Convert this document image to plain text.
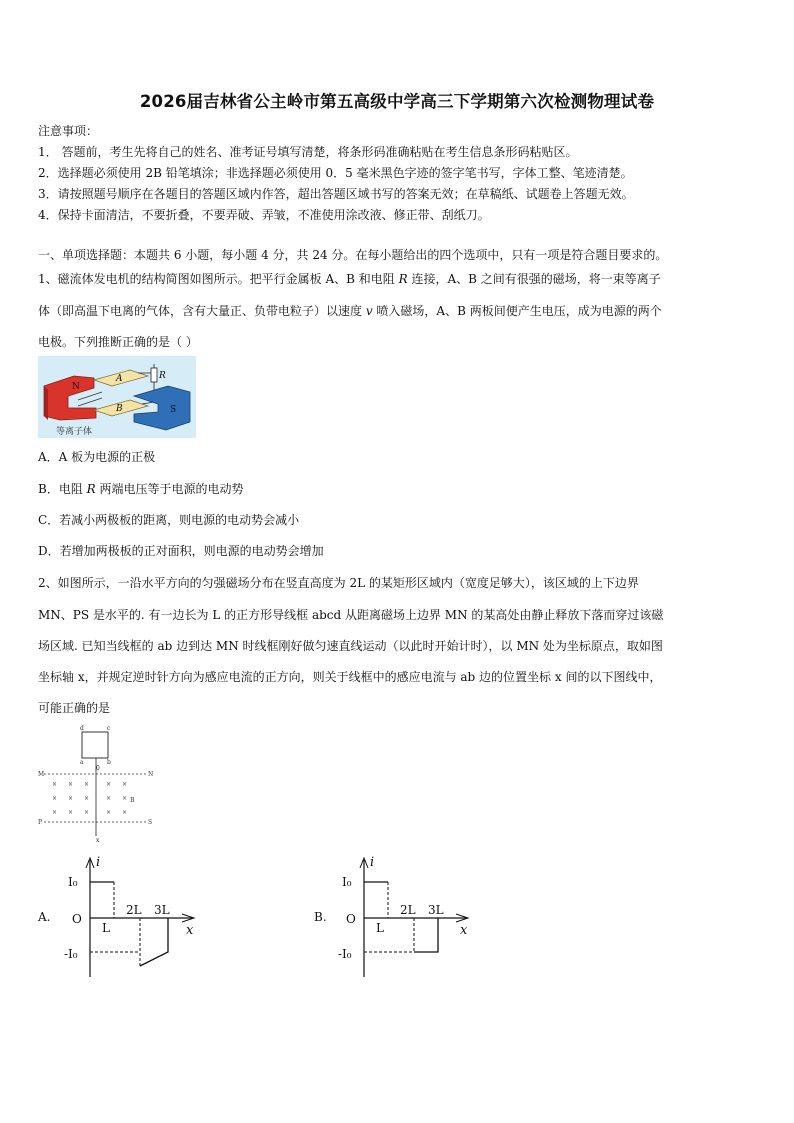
2026届吉林省公主岭市第五高级中学高三下学期第六次检测物理试卷
注意事项：
1． 答题前，考生先将自己的姓名、准考证号填写清楚，将条形码准确粘贴在考生信息条形码粘贴区。
2．选择题必须使用 2B 铅笔填涂；非选择题必须使用 0．5 毫米黑色字迹的签字笔书写，字体工整、笔迹清楚。
3．请按照题号顺序在各题目的答题区域内作答，超出答题区域书写的答案无效；在草稿纸、试题卷上答题无效。
4．保持卡面清洁，不要折叠，不要弄破、弄皱，不准使用涂改液、修正带、刮纸刀。
一、单项选择题：本题共 6 小题，每小题 4 分，共 24 分。在每小题给出的四个选项中，只有一项是符合题目要求的。
1、磁流体发电机的结构简图如图所示。把平行金属板 A、B 和电阻 R 连接，A、B 之间有很强的磁场，将一束等离子
体（即高温下电离的气体，含有大量正、负带电粒子）以速度 v 喷入磁场，A、B 两板间便产生电压，成为电源的两个
电极。下列推断正确的是（ ）
N
A
B
R
S
等离子体
A．A 板为电源的正极
B．电阻 R 两端电压等于电源的电动势
C．若减小两极板的距离，则电源的电动势会减小
D．若增加两极板的正对面积，则电源的电动势会增加
2、如图所示，一沿水平方向的匀强磁场分布在竖直高度为 2L 的某矩形区域内（宽度足够大），该区域的上下边界
MN、PS 是水平的. 有一边长为 L 的正方形导线框 abcd 从距离磁场上边界 MN 的某高处由静止释放下落而穿过该磁
场区域. 已知当线框的 ab 边到达 MN 时线框刚好做匀速直线运动（以此时开始计时），以 MN 处为坐标原点，取如图
坐标轴 x，并规定逆时针方向为感应电流的正方向，则关于线框中的感应电流与 ab 边的位置坐标 x 间的以下图线中，
可能正确的是
d	c
a	b
0
x
M	N
P	S
× × ×	× ×
× × ×	× ×
× × ×	× ×
B
A.
i
x
I₀
O
-I₀
L
2L 3L	B.
i
x
I₀
O
-I₀
L
2L 3L
